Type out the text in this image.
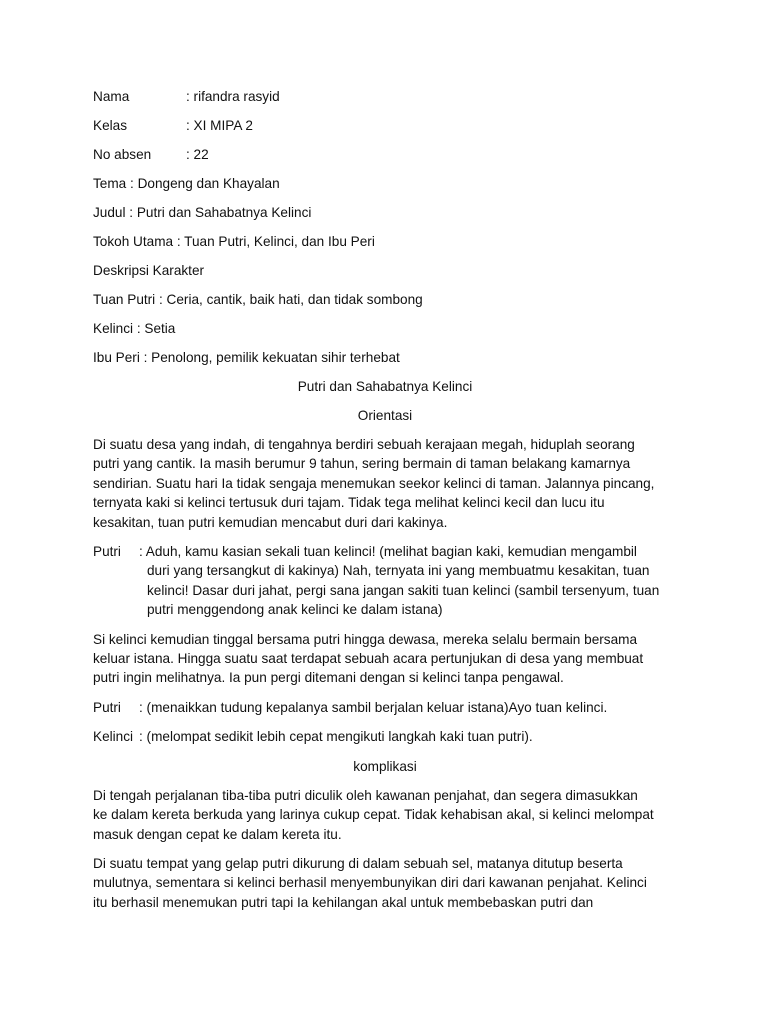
Nama	: rifandra rasyid
Kelas	: XI MIPA 2
No absen	: 22
Tema : Dongeng dan Khayalan
Judul : Putri dan Sahabatnya Kelinci
Tokoh Utama : Tuan Putri, Kelinci, dan Ibu Peri
Deskripsi Karakter
Tuan Putri : Ceria, cantik, baik hati, dan tidak sombong
Kelinci : Setia
Ibu Peri : Penolong, pemilik kekuatan sihir terhebat
Putri dan Sahabatnya Kelinci
Orientasi
Di suatu desa yang indah, di tengahnya berdiri sebuah kerajaan megah, hiduplah seorang
putri yang cantik. Ia masih berumur 9 tahun, sering bermain di taman belakang kamarnya
sendirian. Suatu hari Ia tidak sengaja menemukan seekor kelinci di taman. Jalannya pincang,
ternyata kaki si kelinci tertusuk duri tajam. Tidak tega melihat kelinci kecil dan lucu itu
kesakitan, tuan putri kemudian mencabut duri dari kakinya.
Putri	: Aduh, kamu kasian sekali tuan kelinci! (melihat bagian kaki, kemudian mengambil
duri yang tersangkut di kakinya) Nah, ternyata ini yang membuatmu kesakitan, tuan
kelinci! Dasar duri jahat, pergi sana jangan sakiti tuan kelinci (sambil tersenyum, tuan
putri menggendong anak kelinci ke dalam istana)
Si kelinci kemudian tinggal bersama putri hingga dewasa, mereka selalu bermain bersama
keluar istana. Hingga suatu saat terdapat sebuah acara pertunjukan di desa yang membuat
putri ingin melihatnya. Ia pun pergi ditemani dengan si kelinci tanpa pengawal.
Putri	: (menaikkan tudung kepalanya sambil berjalan keluar istana)Ayo tuan kelinci.
Kelinci : (melompat sedikit lebih cepat mengikuti langkah kaki tuan putri).
komplikasi
Di tengah perjalanan tiba-tiba putri diculik oleh kawanan penjahat, dan segera dimasukkan
ke dalam kereta berkuda yang larinya cukup cepat. Tidak kehabisan akal, si kelinci melompat
masuk dengan cepat ke dalam kereta itu.
Di suatu tempat yang gelap putri dikurung di dalam sebuah sel, matanya ditutup beserta
mulutnya, sementara si kelinci berhasil menyembunyikan diri dari kawanan penjahat. Kelinci
itu berhasil menemukan putri tapi Ia kehilangan akal untuk membebaskan putri dan
